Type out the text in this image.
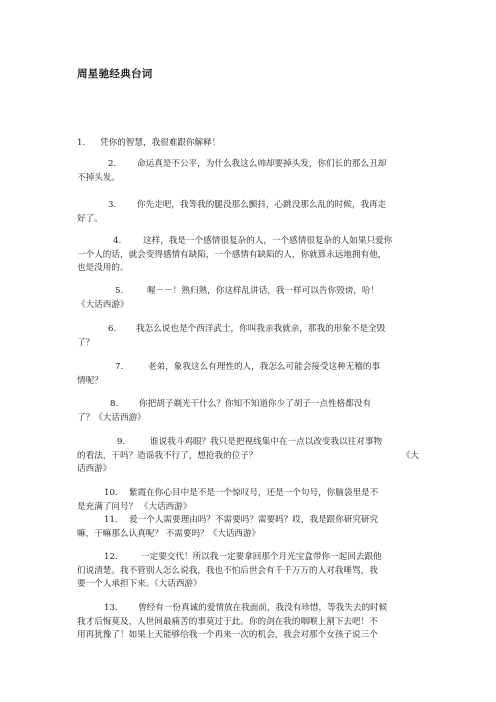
周星驰经典台词
1. 凭你的智慧，我很难跟你解释！
2. 命运真是不公平，为什么我这么帅却要掉头发，你们长的那么丑却
不掉头发。
3. 你先走吧，我等我的腿没那么颤抖，心跳没那么乱的时候，我再走
好了。
4.	这样，我是一个感情很复杂的人，一个感情很复杂的人如果只爱你
一个人的话，就会变得感情有缺陷，一个感情有缺陷的人，你就算永远地拥有他，
也是没用的。
5.	喔－－！熟归熟，你这样乱讲话，我一样可以告你毁谤，哈！
《大话西游》
6. 我怎么说也是个西洋武士，你叫我亲我就亲，那我的形象不是全毁
了？
7.	老弟，象我这么有理性的人，我怎么可能会接受这种无稽的事
情呢？
8. 你把胡子剃光干什么？你知不知道你少了胡子一点性格都没有
了？《大话西游》
9.	谁说我斗鸡眼？我只是把视线集中在一点以改变我以往对事物
的看法，干吗？造谣我不行了，想抢我的位子？	《大
话西游》
10. 紫霞在你心目中是不是一个惊叹号，还是一个句号，你脑袋里是不
是充满了问号？ 《大话西游》
11. 爱一个人需要理由吗？不需要吗？需要吗？哎，我是跟你研究研究
嘛，干嘛那么认真呢？ 不需要吗？《大话西游》
12.	一定要交代！所以我一定要拿回那个月光宝盒带你一起回去跟他
们说清楚。我不管别人怎么说我，我也不怕后世会有千千万万的人对我唾骂，我
要一个人承担下来。《大话西游》
13. 曾经有一份真诚的爱情放在我面前，我没有珍惜，等我失去的时候
我才后悔莫及，人世间最痛苦的事莫过于此。你的剑在我的咽喉上割下去吧！不
用再犹豫了！如果上天能够给我一个再来一次的机会，我会对那个女孩子说三个
